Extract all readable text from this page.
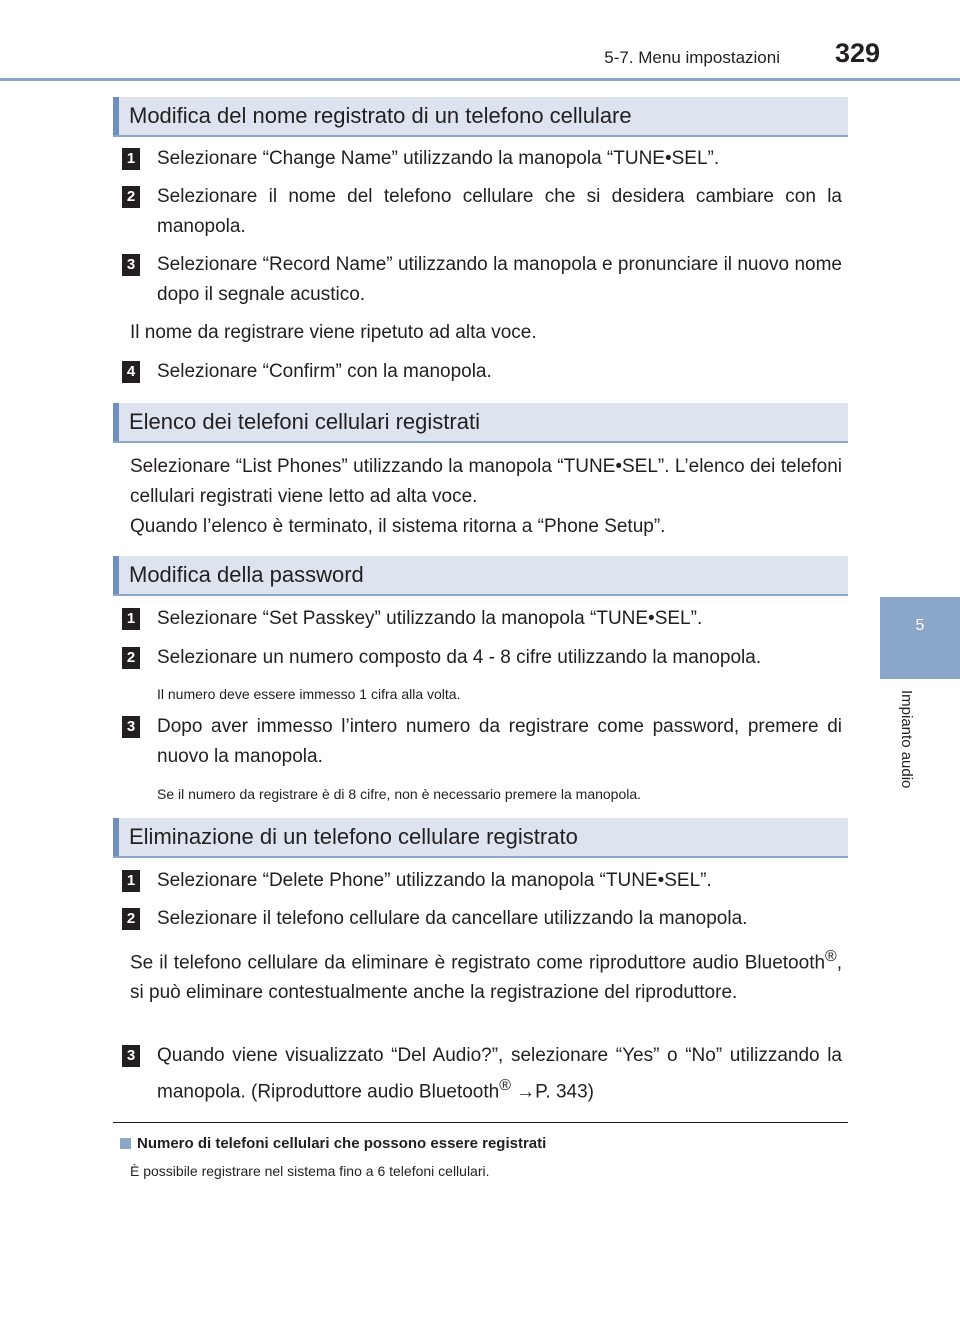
5-7. Menu impostazioni 329
5
Impianto audio
Modifica del nome registrato di un telefono cellulare
1 Selezionare “Change Name” utilizzando la manopola “TUNE•SEL”.
2 Selezionare il nome del telefono cellulare che si desidera cambiare con la manopola.
3 Selezionare “Record Name” utilizzando la manopola e pronunciare il nuovo nome dopo il segnale acustico.
Il nome da registrare viene ripetuto ad alta voce.
4 Selezionare “Confirm” con la manopola.
Elenco dei telefoni cellulari registrati
Selezionare “List Phones” utilizzando la manopola “TUNE•SEL”. L’elenco dei telefoni cellulari registrati viene letto ad alta voce.
Quando l’elenco è terminato, il sistema ritorna a “Phone Setup”.
Modifica della password
1 Selezionare “Set Passkey” utilizzando la manopola “TUNE•SEL”.
2 Selezionare un numero composto da 4 - 8 cifre utilizzando la manopola.
Il numero deve essere immesso 1 cifra alla volta.
3 Dopo aver immesso l’intero numero da registrare come password, premere di nuovo la manopola.
Se il numero da registrare è di 8 cifre, non è necessario premere la manopola.
Eliminazione di un telefono cellulare registrato
1 Selezionare “Delete Phone” utilizzando la manopola “TUNE•SEL”.
2 Selezionare il telefono cellulare da cancellare utilizzando la manopola.
Se il telefono cellulare da eliminare è registrato come riproduttore audio Bluetooth®, si può eliminare contestualmente anche la registrazione del riproduttore.
3 Quando viene visualizzato “Del Audio?”, selezionare “Yes” o “No” utilizzando la manopola. (Riproduttore audio Bluetooth® →P. 343)
Numero di telefoni cellulari che possono essere registrati
È possibile registrare nel sistema fino a 6 telefoni cellulari.
